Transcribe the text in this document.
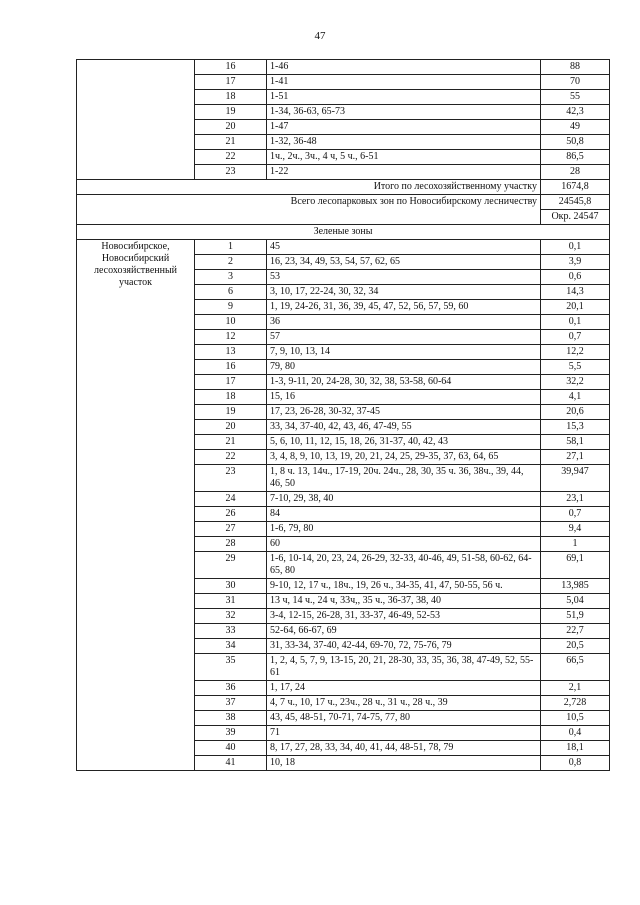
47
	16	1-46	88
	17	1-41	70
	18	1-51	55
	19	1-34, 36-63, 65-73	42,3
	20	1-47	49
	21	1-32, 36-48	50,8
	22	1ч., 2ч., 3ч., 4 ч, 5 ч., 6-51	86,5
	23	1-22	28
Итого по лесохозяйственному участку			1674,8
Всего лесопарковых зон по Новосибирскому лесничеству			24545,8
			Окр. 24547
Зеленые зоны			
Новосибирское, Новосибирский лесохозяйственный участок	1	45	0,1
	2	16, 23, 34, 49, 53, 54, 57, 62, 65	3,9
	3	53	0,6
	6	3, 10, 17, 22-24, 30, 32, 34	14,3
	9	1, 19, 24-26, 31, 36, 39, 45, 47, 52, 56, 57, 59, 60	20,1
	10	36	0,1
	12	57	0,7
	13	7, 9, 10, 13, 14	12,2
	16	79, 80	5,5
	17	1-3, 9-11, 20, 24-28, 30, 32, 38, 53-58, 60-64	32,2
	18	15, 16	4,1
	19	17, 23, 26-28, 30-32, 37-45	20,6
	20	33, 34, 37-40, 42, 43, 46, 47-49, 55	15,3
	21	5, 6, 10, 11, 12, 15, 18, 26, 31-37, 40, 42, 43	58,1
	22	3, 4, 8, 9, 10, 13, 19, 20, 21, 24, 25, 29-35, 37, 63, 64, 65	27,1
	23	1, 8 ч. 13, 14ч., 17-19, 20ч. 24ч., 28, 30, 35 ч. 36, 38ч., 39, 44, 46, 50	39,947
	24	7-10, 29, 38, 40	23,1
	26	84	0,7
	27	1-6, 79, 80	9,4
	28	60	1
	29	1-6, 10-14, 20, 23, 24, 26-29, 32-33, 40-46, 49, 51-58, 60-62, 64-65, 80	69,1
	30	9-10, 12, 17 ч., 18ч., 19, 26 ч., 34-35, 41, 47, 50-55, 56 ч.	13,985
	31	13 ч, 14 ч., 24 ч, 33ч,, 35 ч., 36-37, 38, 40	5,04
	32	3-4, 12-15, 26-28, 31, 33-37, 46-49, 52-53	51,9
	33	52-64, 66-67, 69	22,7
	34	31, 33-34, 37-40, 42-44, 69-70, 72, 75-76, 79	20,5
	35	1, 2, 4, 5, 7, 9, 13-15, 20, 21, 28-30, 33, 35, 36, 38, 47-49, 52, 55-61	66,5
	36	1, 17, 24	2,1
	37	4, 7 ч., 10, 17 ч., 23ч., 28 ч., 31 ч., 28 ч., 39	2,728
	38	43, 45, 48-51, 70-71, 74-75, 77, 80	10,5
	39	71	0,4
	40	8, 17, 27, 28, 33, 34, 40, 41, 44, 48-51, 78, 79	18,1
	41	10, 18	0,8
